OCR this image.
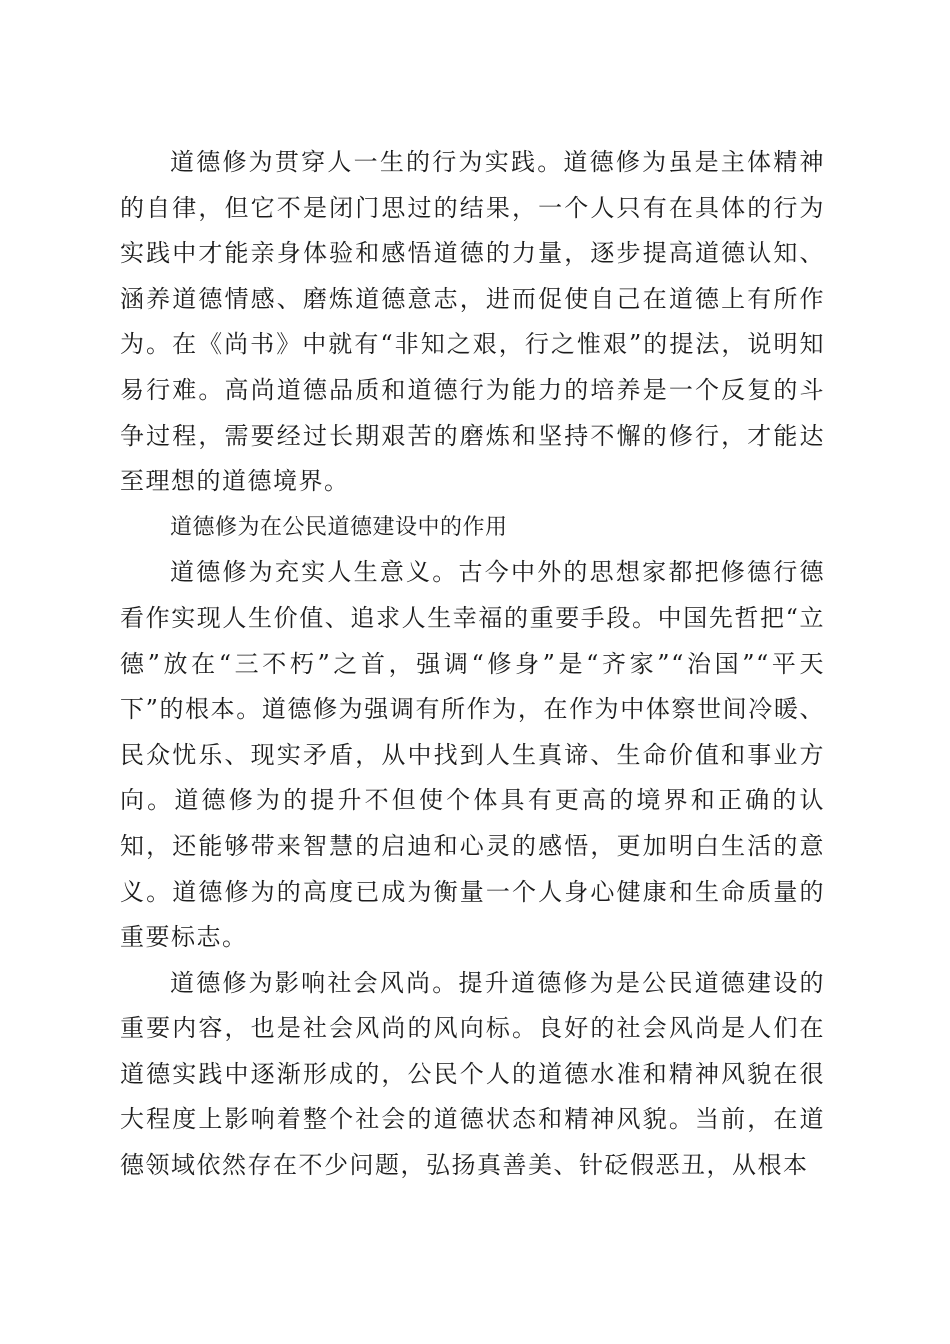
道德修为贯穿人一生的行为实践。道德修为虽是主体精神的自律，但它不是闭门思过的结果，一个人只有在具体的行为实践中才能亲身体验和感悟道德的力量，逐步提高道德认知、涵养道德情感、磨炼道德意志，进而促使自己在道德上有所作为。在《尚书》中就有“非知之艰，行之惟艰”的提法，说明知易行难。高尚道德品质和道德行为能力的培养是一个反复的斗争过程，需要经过长期艰苦的磨炼和坚持不懈的修行，才能达至理想的道德境界。

道德修为在公民道德建设中的作用

道德修为充实人生意义。古今中外的思想家都把修德行德看作实现人生价值、追求人生幸福的重要手段。中国先哲把“立德”放在“三不朽”之首，强调“修身”是“齐家”“治国”“平天下”的根本。道德修为强调有所作为，在作为中体察世间冷暖、民众忧乐、现实矛盾，从中找到人生真谛、生命价值和事业方向。道德修为的提升不但使个体具有更高的境界和正确的认知，还能够带来智慧的启迪和心灵的感悟，更加明白生活的意义。道德修为的高度已成为衡量一个人身心健康和生命质量的重要标志。

道德修为影响社会风尚。提升道德修为是公民道德建设的重要内容，也是社会风尚的风向标。良好的社会风尚是人们在道德实践中逐渐形成的，公民个人的道德水准和精神风貌在很大程度上影响着整个社会的道德状态和精神风貌。当前，在道德领域依然存在不少问题，弘扬真善美、针砭假恶丑，从根本
